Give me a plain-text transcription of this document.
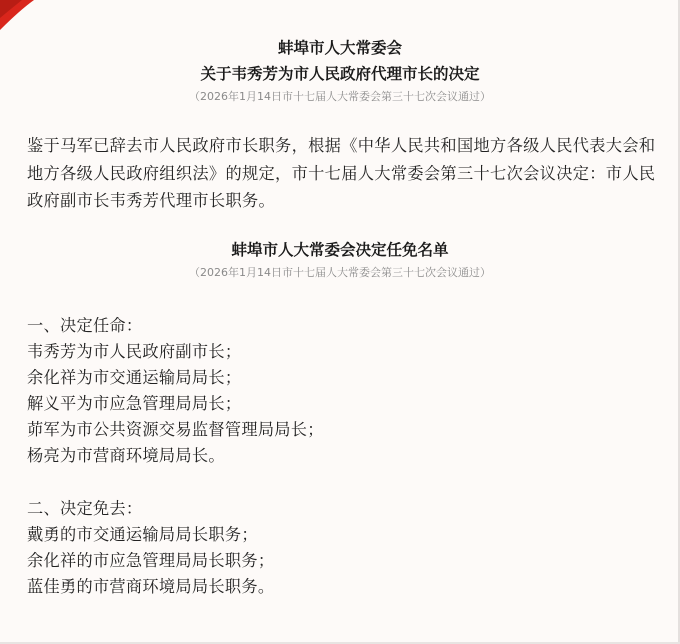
蚌埠市人大常委会
关于韦秀芳为市人民政府代理市长的决定
（2026年1月14日市十七届人大常委会第三十七次会议通过）
鉴于马军已辞去市人民政府市长职务，根据《中华人民共和国地方各级人民代表大会和地方各级人民政府组织法》的规定，市十七届人大常委会第三十七次会议决定：市人民政府副市长韦秀芳代理市长职务。
蚌埠市人大常委会决定任免名单
（2026年1月14日市十七届人大常委会第三十七次会议通过）
一、决定任命：
韦秀芳为市人民政府副市长；
余化祥为市交通运输局局长；
解义平为市应急管理局局长；
茆军为市公共资源交易监督管理局局长；
杨亮为市营商环境局局长。
二、决定免去：
戴勇的市交通运输局局长职务；
余化祥的市应急管理局局长职务；
蓝佳勇的市营商环境局局长职务。
